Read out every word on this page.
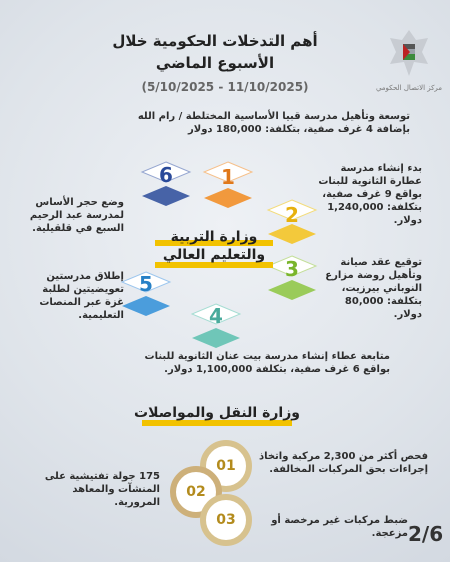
مركز الاتصال الحكومي
أهم التدخلات الحكومية خلال
الأسبوع الماضي
(5/10/2025 - 11/10/2025)
توسعة وتأهيل مدرسة قبيا الأساسية المختلطة / رام الله بإضافة 4 غرف صفية، بتكلفة: 180,000 دولار
بدء إنشاء مدرسة عطارة الثانوية للبنات بواقع 9 غرف صفية، بتكلفة: 1,240,000 دولار.
توقيع عقد صيانة وتأهيل روضة مزارع النوباني بيرزيت، بتكلفة: 80,000 دولار.
متابعة عطاء إنشاء مدرسة بيت عنان الثانوية للبنات بواقع 6 غرف صفية، بتكلفة 1,100,000 دولار.
إطلاق مدرستين تعويضيتين لطلبة غزة عبر المنصات التعليمية.
وضع حجر الأساس لمدرسة عبد الرحيم السبع في قلقيلية.
1
2
3
4
5
6
وزارة التربية
والتعليم العالي
وزارة النقل والمواصلات
01
02
03
فحص أكثر من 2,300 مركبة واتخاذ إجراءات بحق المركبات المخالفة.
175 جولة تفتيشية على المنشآت والمعاهد المرورية.
ضبط مركبات غير مرخصة أو مزعجة. 2/6
